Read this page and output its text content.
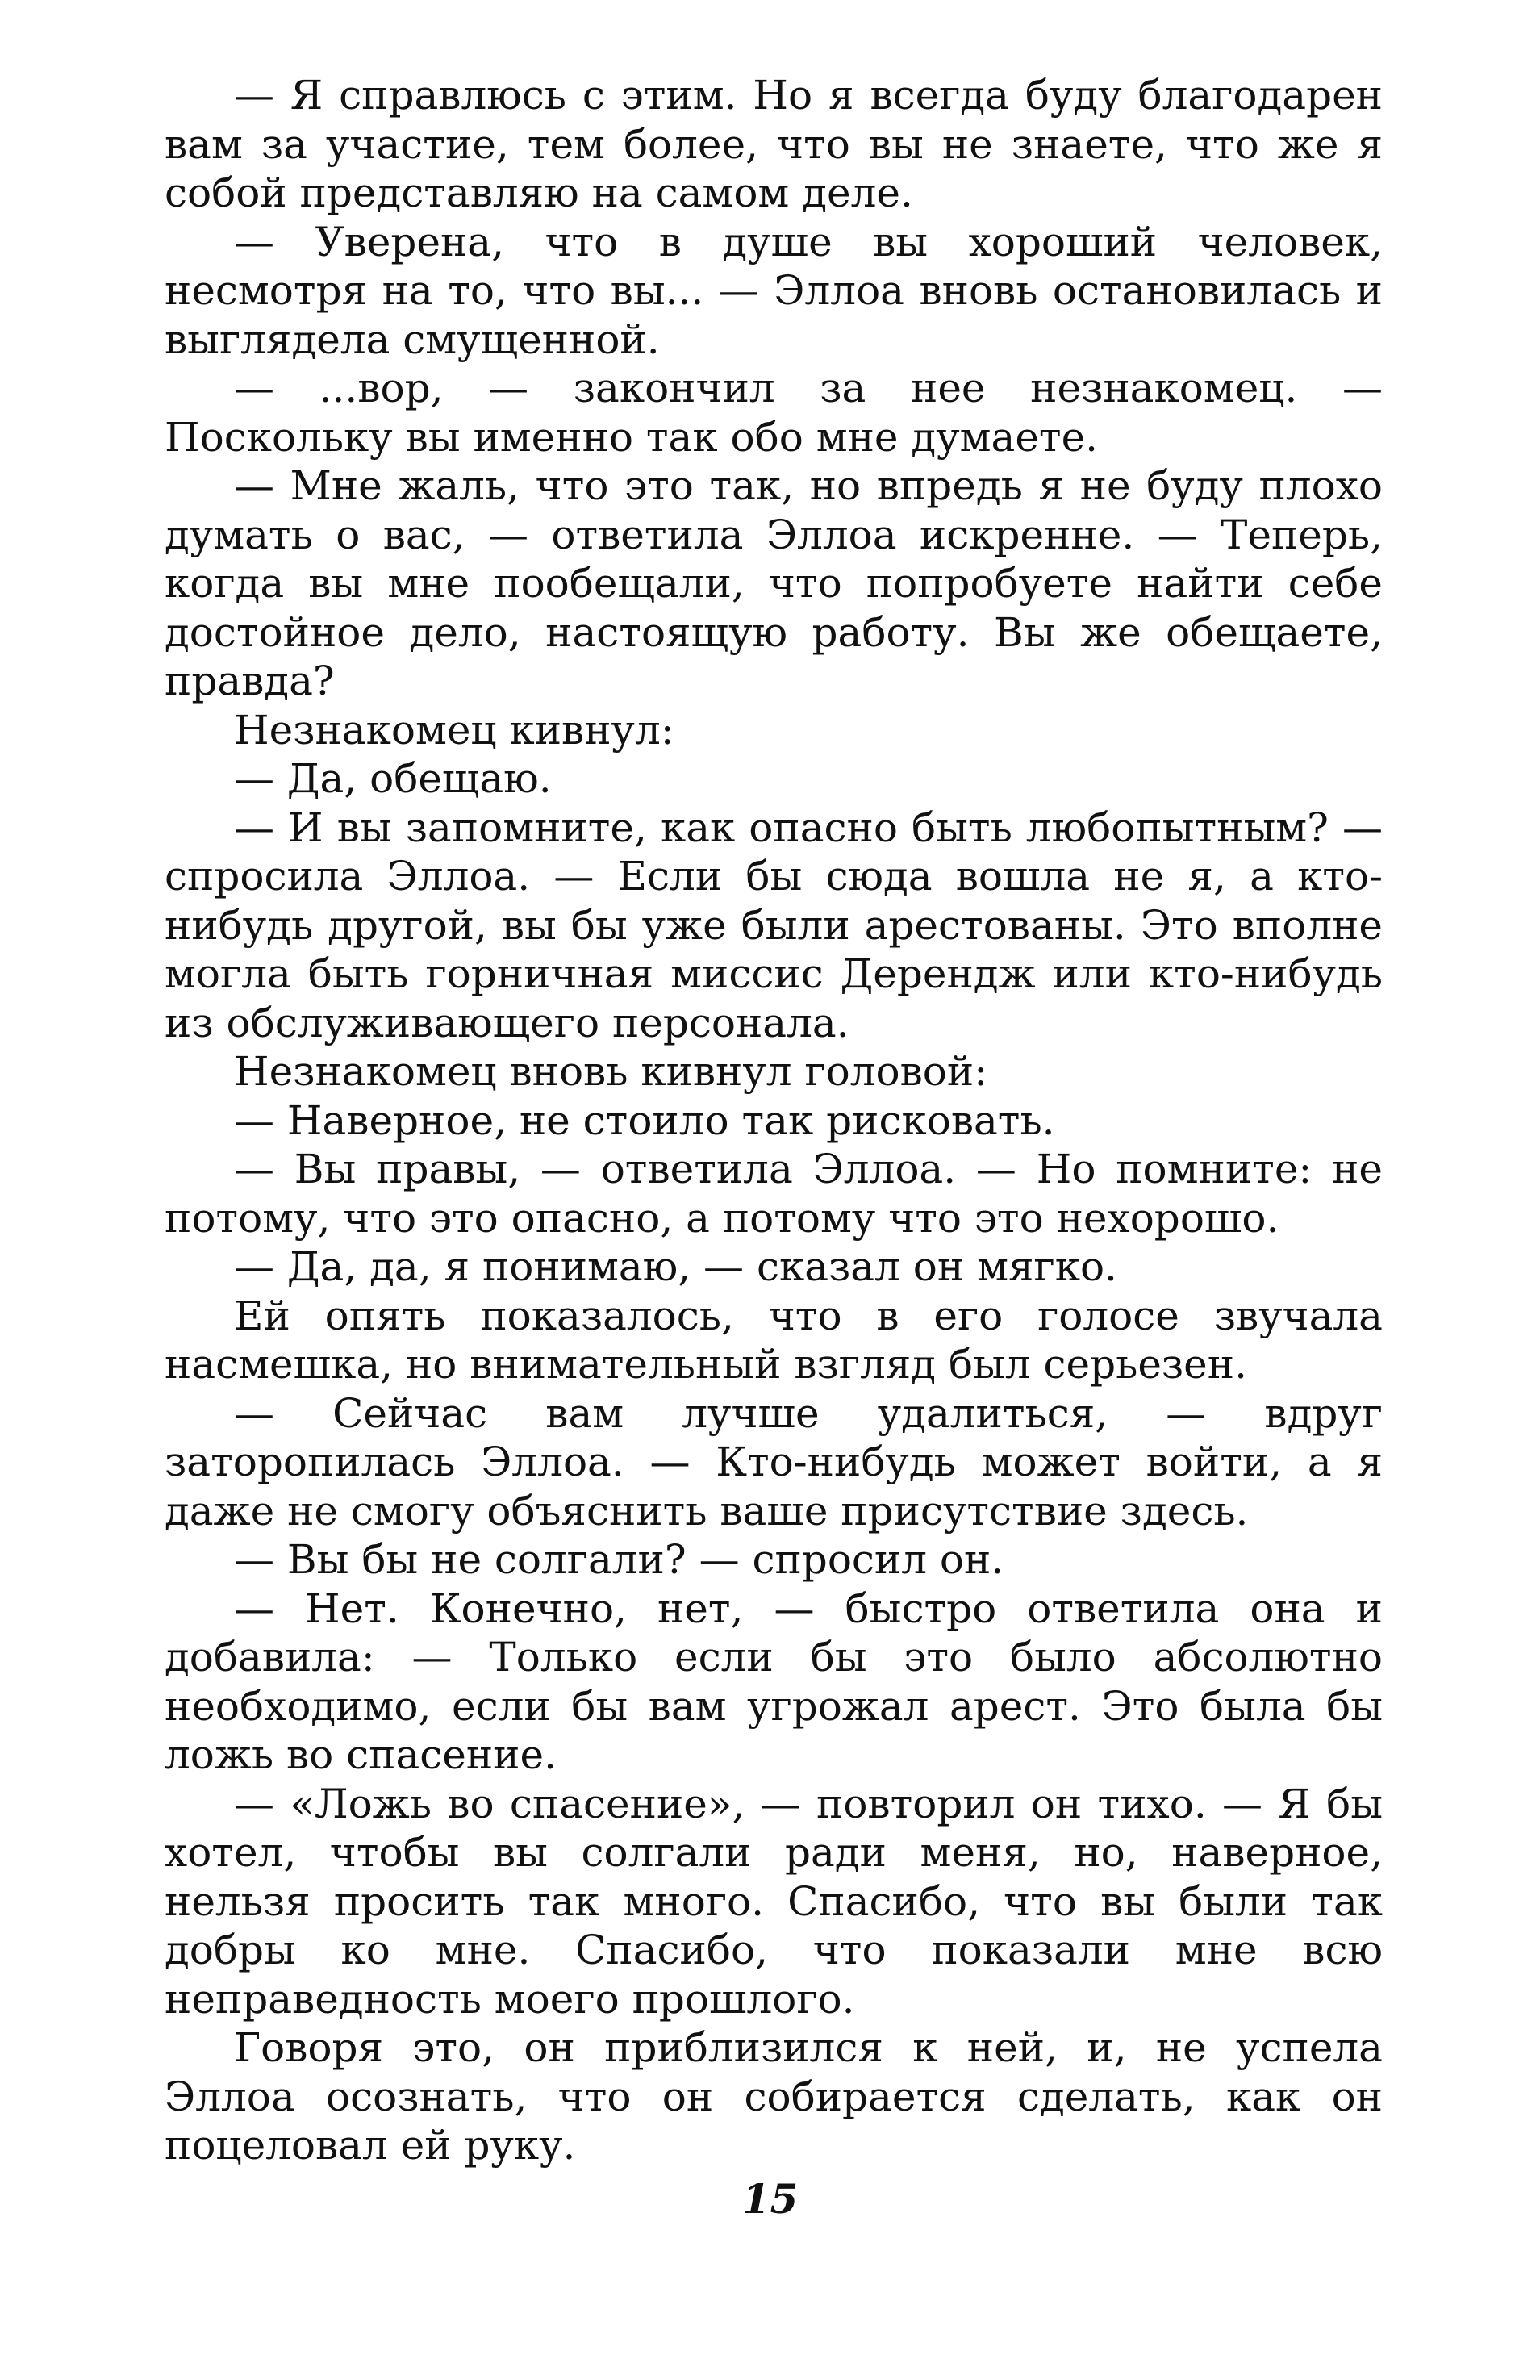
— Я справлюсь с этим. Но я всегда буду благодарен вам за участие, тем более, что вы не знаете, что же я собой представляю на самом деле.

— Уверена, что в душе вы хороший человек, несмотря на то, что вы... — Эллоа вновь остановилась и выглядела смущенной.

— ...вор, — закончил за нее незнакомец. — Поскольку вы именно так обо мне думаете.

— Мне жаль, что это так, но впредь я не буду плохо думать о вас, — ответила Эллоа искренне. — Теперь, когда вы мне пообещали, что попробуете найти себе достойное дело, настоящую работу. Вы же обещаете, правда?

Незнакомец кивнул:

— Да, обещаю.

— И вы запомните, как опасно быть любопытным? — спросила Эллоа. — Если бы сюда вошла не я, а кто-нибудь другой, вы бы уже были арестованы. Это вполне могла быть горничная миссис Дерендж или кто-нибудь из обслуживающего персонала.

Незнакомец вновь кивнул головой:

— Наверное, не стоило так рисковать.

— Вы правы, — ответила Эллоа. — Но помните: не потому, что это опасно, а потому что это нехорошо.

— Да, да, я понимаю, — сказал он мягко.

Ей опять показалось, что в его голосе звучала насмешка, но внимательный взгляд был серьезен.

— Сейчас вам лучше удалиться, — вдруг заторопилась Эллоа. — Кто-нибудь может войти, а я даже не смогу объяснить ваше присутствие здесь.

— Вы бы не солгали? — спросил он.

— Нет. Конечно, нет, — быстро ответила она и добавила: — Только если бы это было абсолютно необходимо, если бы вам угрожал арест. Это была бы ложь во спасение.

— «Ложь во спасение», — повторил он тихо. — Я бы хотел, чтобы вы солгали ради меня, но, наверное, нельзя просить так много. Спасибо, что вы были так добры ко мне. Спасибо, что показали мне всю неправедность моего прошлого.

Говоря это, он приблизился к ней, и, не успела Эллоа осознать, что он собирается сделать, как он поцеловал ей руку.

15
